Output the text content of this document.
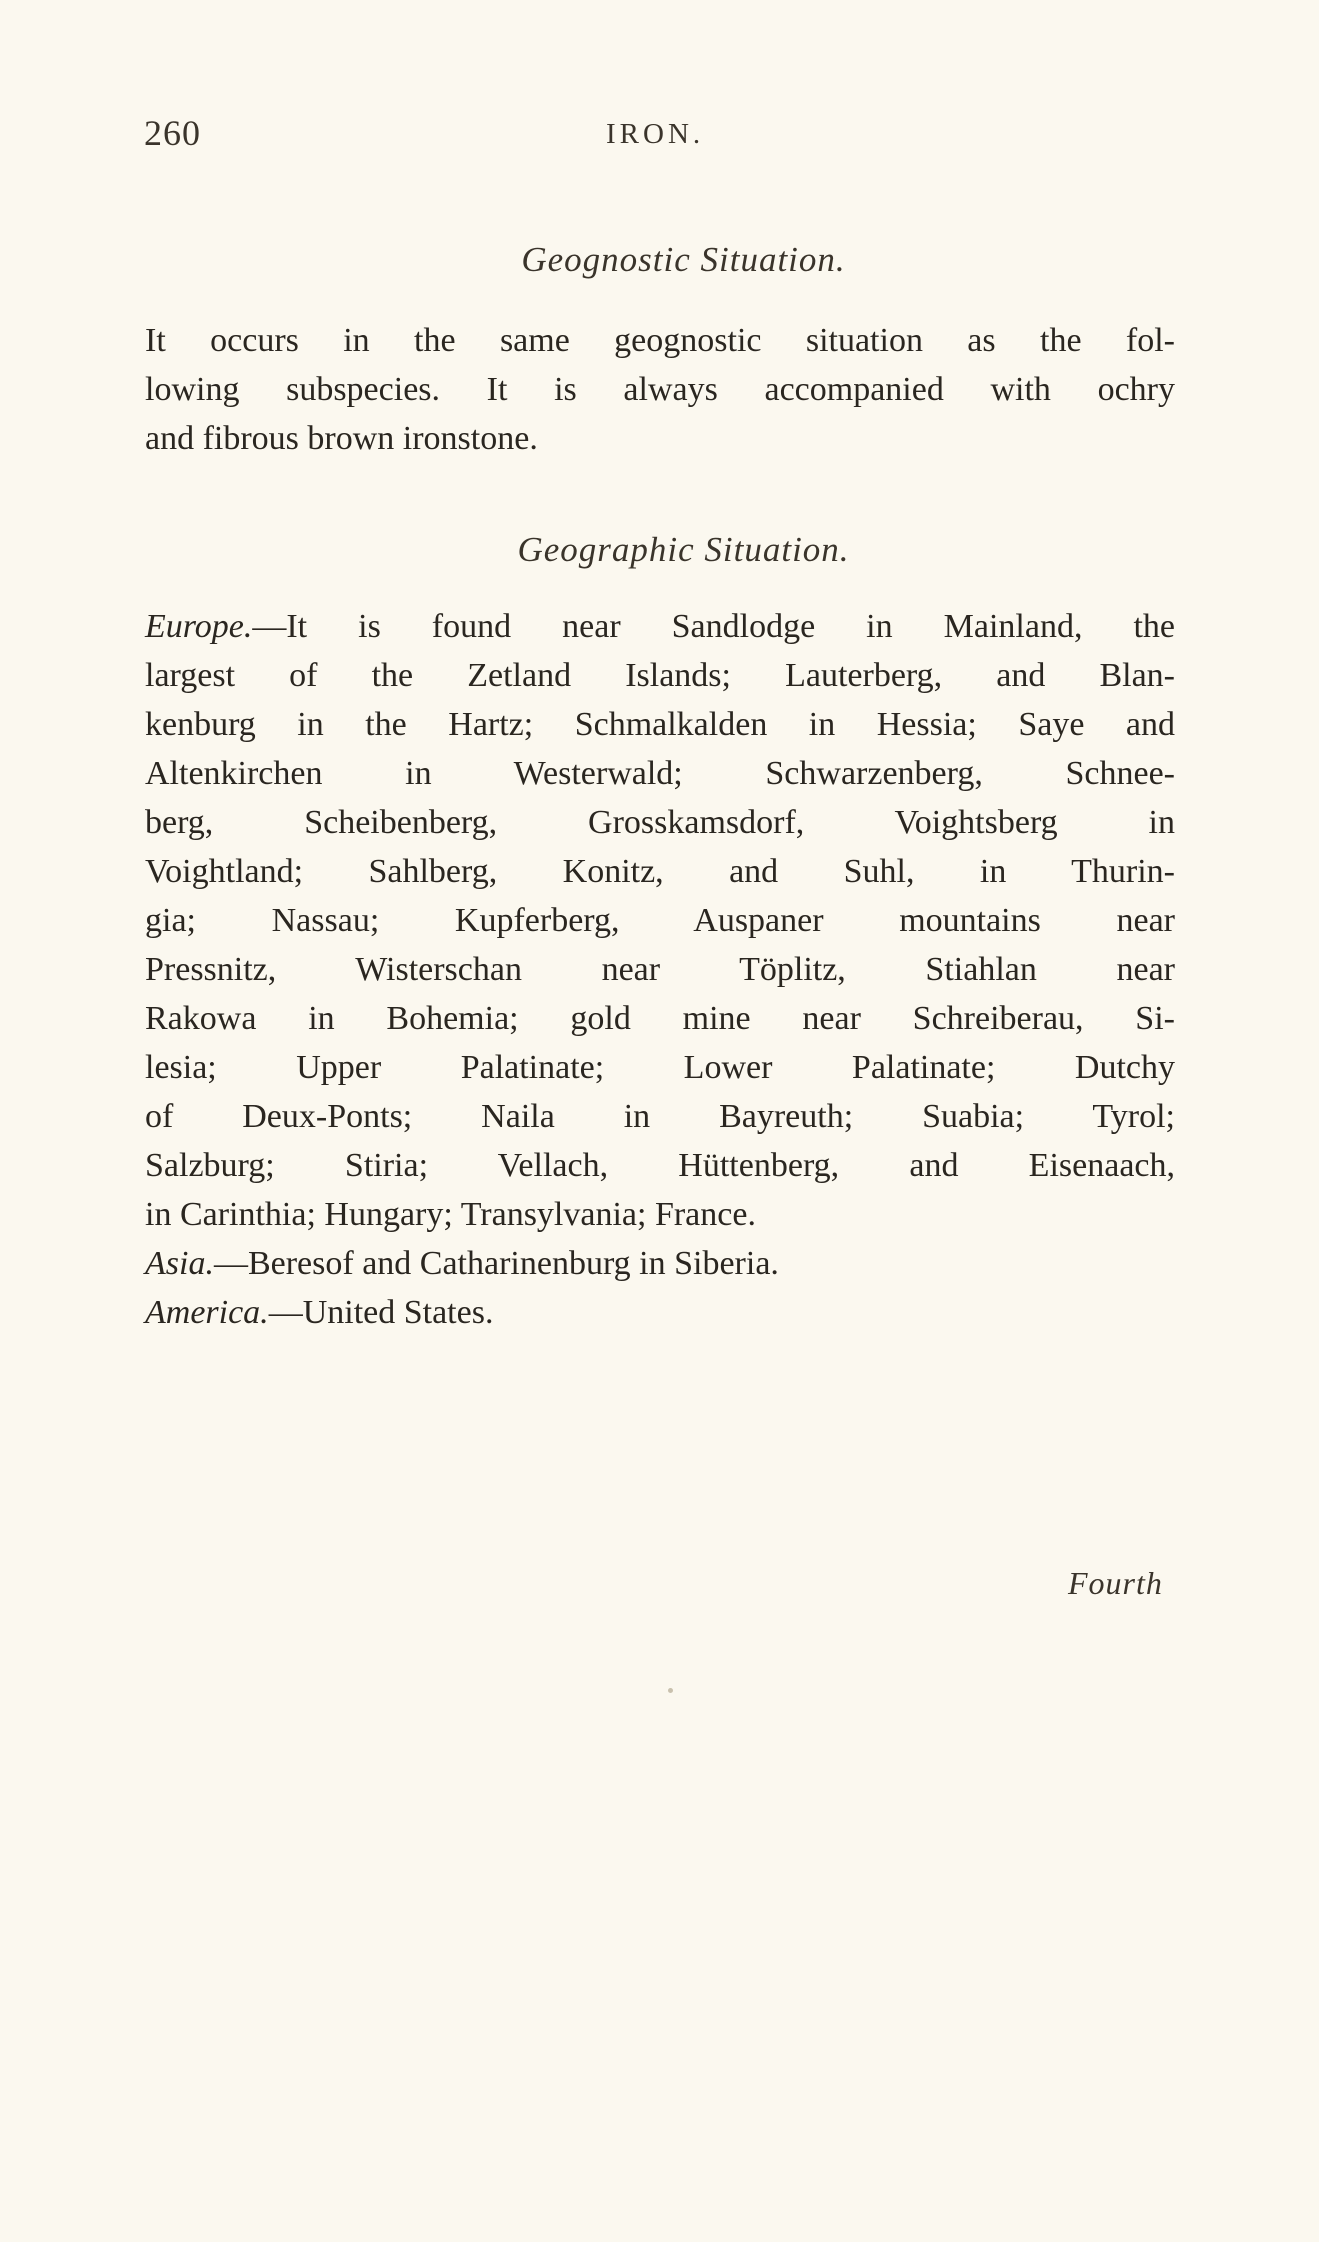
260	IRON.
Geognostic Situation.
It occurs in the same geognostic situation as the fol-
lowing subspecies. It is always accompanied with ochry
and fibrous brown ironstone.
Geographic Situation.
Europe.—It is found near Sandlodge in Mainland, the
largest of the Zetland Islands; Lauterberg, and Blan-
kenburg in the Hartz; Schmalkalden in Hessia; Saye and
Altenkirchen in Westerwald; Schwarzenberg, Schnee-
berg, Scheibenberg, Grosskamsdorf, Voightsberg in
Voightland; Sahlberg, Konitz, and Suhl, in Thurin-
gia; Nassau; Kupferberg, Auspaner mountains near
Pressnitz, Wisterschan near Töplitz, Stiahlan near
Rakowa in Bohemia; gold mine near Schreiberau, Si-
lesia; Upper Palatinate; Lower Palatinate; Dutchy
of Deux-Ponts; Naila in Bayreuth; Suabia; Tyrol;
Salzburg; Stiria; Vellach, Hüttenberg, and Eisenaach,
in Carinthia; Hungary; Transylvania; France.
Asia.—Beresof and Catharinenburg in Siberia.
America.—United States.
Fourth
